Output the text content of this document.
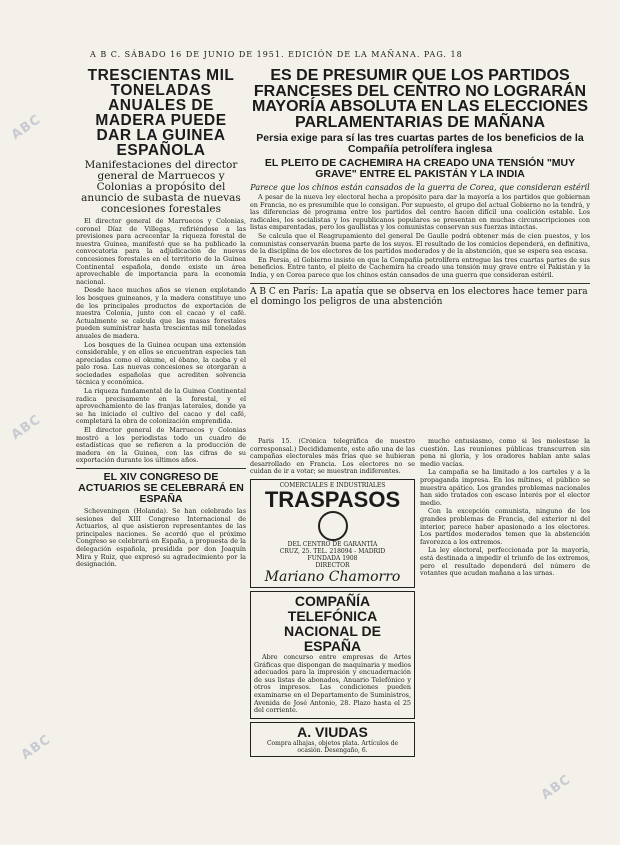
A B C. SÁBADO 16 DE JUNIO DE 1951. EDICIÓN DE LA MAÑANA. PAG. 18
TRESCIENTAS MIL TONELADAS ANUALES DE MADERA PUEDE DAR LA GUINEA ESPAÑOLA
Manifestaciones del director general de Marruecos y Colonias a propósito del anuncio de subasta de nuevas concesiones forestales

El director general de Marruecos y Colonias, coronel Díaz de Villegas, refiriéndose a las previsiones para acrecentar la riqueza forestal de nuestra Guinea, manifestó que se ha publicado la convocatoria para la adjudicación de nuevas concesiones forestales en el territorio de la Guinea Continental española, donde existe un área aprovechable de importancia para la economía nacional.

Desde hace muchos años se vienen explotando los bosques guineanos, y la madera constituye uno de los principales productos de exportación de nuestra Colonia, junto con el cacao y el café. Actualmente se calcula que las masas forestales pueden suministrar hasta trescientas mil toneladas anuales de madera.

Los bosques de la Guinea ocupan una extensión considerable, y en ellos se encuentran especies tan apreciadas como el okume, el ébano, la caoba y el palo rosa. Las nuevas concesiones se otorgarán a sociedades españolas que acrediten solvencia técnica y económica.

La riqueza fundamental de la Guinea Continental radica precisamente en la forestal, y el aprovechamiento de las franjas laterales, donde ya se ha iniciado el cultivo del cacao y del café, completará la obra de colonización emprendida.

El director general de Marruecos y Colonias mostró a los periodistas todo un cuadro de estadísticas que se refieren a la producción de madera en la Guinea, con las cifras de su exportación durante los últimos años.

EL XIV CONGRESO DE ACTUARIOS SE CELEBRARÁ EN ESPAÑA

Scheveningen (Holanda). Se han celebrado las sesiones del XIII Congreso Internacional de Actuarios, al que asistieron representantes de las principales naciones. Se acordó que el próximo Congreso se celebrará en España, a propuesta de la delegación española, presidida por don Joaquín Mira y Ruiz, que expresó su agradecimiento por la designación.

ES DE PRESUMIR QUE LOS PARTIDOS FRANCESES DEL CENTRO NO LOGRARÁN MAYORÍA ABSOLUTA EN LAS ELECCIONES PARLAMENTARIAS DE MAÑANA
Persia exige para sí las tres cuartas partes de los beneficios de la Compañía petrolífera inglesa
EL PLEITO DE CACHEMIRA HA CREADO UNA TENSIÓN "MUY GRAVE" ENTRE EL PAKISTÁN Y LA INDIA
Parece que los chinos están cansados de la guerra de Corea, que consideran estéril

A pesar de la nueva ley electoral hecha a propósito para dar la mayoría a los partidos que gobiernan en Francia, no es presumible que lo consigan. Por supuesto, el grupo del actual Gobierno no la tendrá, y las diferencias de programa entre los partidos del centro hacen difícil una coalición estable. Los radicales, los socialistas y los republicanos populares se presentan en muchas circunscripciones con listas emparentadas, pero los gaullistas y los comunistas conservan sus fuerzas intactas.

Se calcula que el Reagrupamiento del general De Gaulle podrá obtener más de cien puestos, y los comunistas conservarán buena parte de los suyos. El resultado de los comicios dependerá, en definitiva, de la disciplina de los electores de los partidos moderados y de la abstención, que se espera sea escasa.

En Persia, el Gobierno insiste en que la Compañía petrolífera entregue las tres cuartas partes de sus beneficios. Entre tanto, el pleito de Cachemira ha creado una tensión muy grave entre el Pakistán y la India, y en Corea parece que los chinos están cansados de una guerra que consideran estéril.

A B C en París: La apatía que se observa en los electores hace temer para el domingo los peligros de una abstención

París 15. (Crónica telegráfica de nuestro corresponsal.) Decididamente, este año una de las campañas electorales más frías que se hubieran desarrollado en Francia. Los electores no se cuidan de ir a votar; se muestran indiferentes.

COMERCIALES E INDUSTRIALES
TRASPASOS
DEL CENTRO DE GARANTÍA
CRUZ, 25. TEL. 218094 - MADRID
FUNDADA 1908
DIRECTOR
Mariano Chamorro
COMPAÑÍA TELEFÓNICA NACIONAL DE ESPAÑA

Abre concurso entre empresas de Artes Gráficas que dispongan de maquinaria y medios adecuados para la impresión y encuadernación de sus listas de abonados, Anuario Telefónico y otros impresos. Las condiciones pueden examinarse en el Departamento de Suministros, Avenida de José Antonio, 28. Plazo hasta el 25 del corriente.

A. VIUDAS
Compra alhajas, objetos plata. Artículos de ocasión. Desengaño, 6.

mucho entusiasmo, como si les molestase la cuestión. Las reuniones públicas transcurren sin pena ni gloria, y los oradores hablan ante salas medio vacías.

La campaña se ha limitado a los carteles y a la propaganda impresa. En los mítines, el público se muestra apático. Los grandes problemas nacionales han sido tratados con escaso interés por el elector medio.

Con la excepción comunista, ninguno de los grandes problemas de Francia, del exterior ni del interior, parece haber apasionado a los electores. Los partidos moderados temen que la abstención favorezca a los extremos.

La ley electoral, perfeccionada por la mayoría, está destinada a impedir el triunfo de los extremos, pero el resultado dependerá del número de votantes que acudan mañana a las urnas.

ABC
ABC
ABC
ABC
